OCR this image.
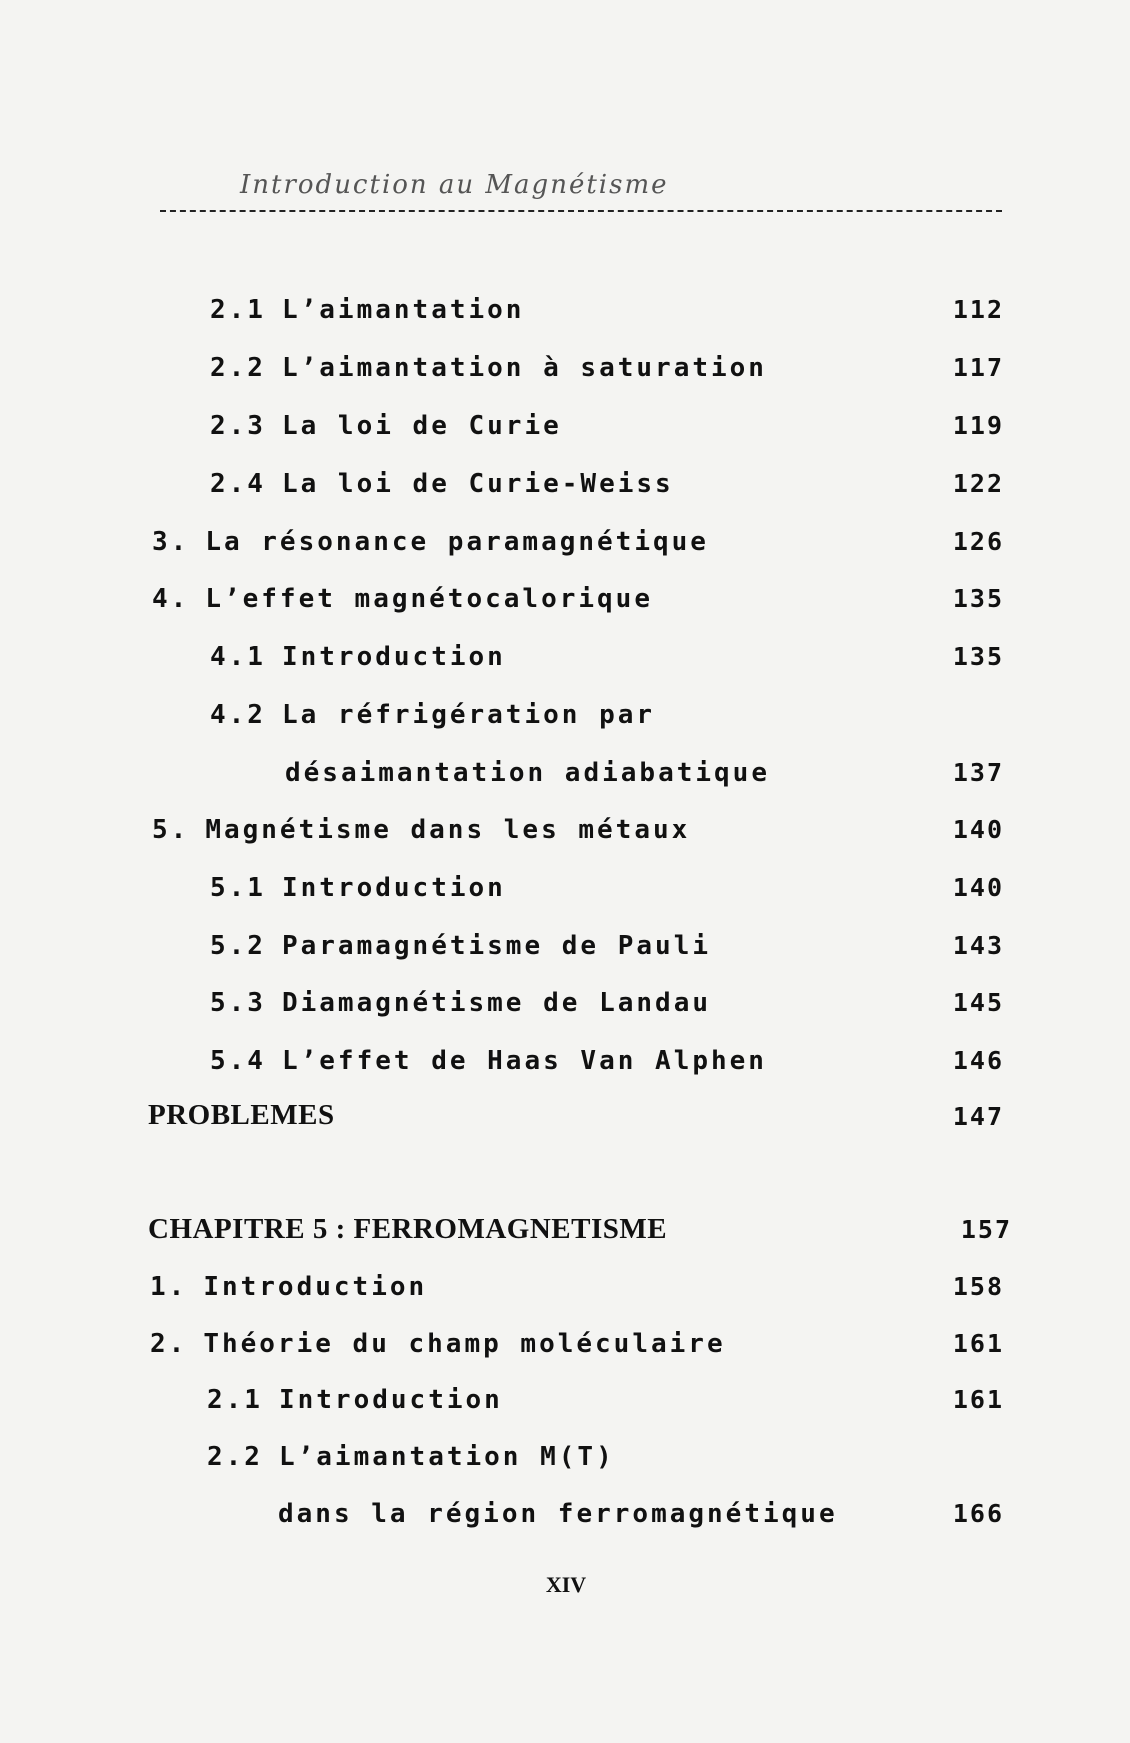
Introduction au Magnétisme
2.1 L’aimantation	112
2.2 L’aimantation à saturation	117
2.3 La loi de Curie	119
2.4 La loi de Curie-Weiss	122
3. La résonance paramagnétique	126
4. L’effet magnétocalorique	135
4.1 Introduction	135
4.2 La réfrigération par
désaimantation adiabatique	137
5. Magnétisme dans les métaux	140
5.1 Introduction	140
5.2 Paramagnétisme de Pauli	143
5.3 Diamagnétisme de Landau	145
5.4 L’effet de Haas Van Alphen	146
PROBLEMES	147
CHAPITRE 5 : FERROMAGNETISME	157
1. Introduction	158
2. Théorie du champ moléculaire	161
2.1 Introduction	161
2.2 L’aimantation M(T)
dans la région ferromagnétique	166
XIV
